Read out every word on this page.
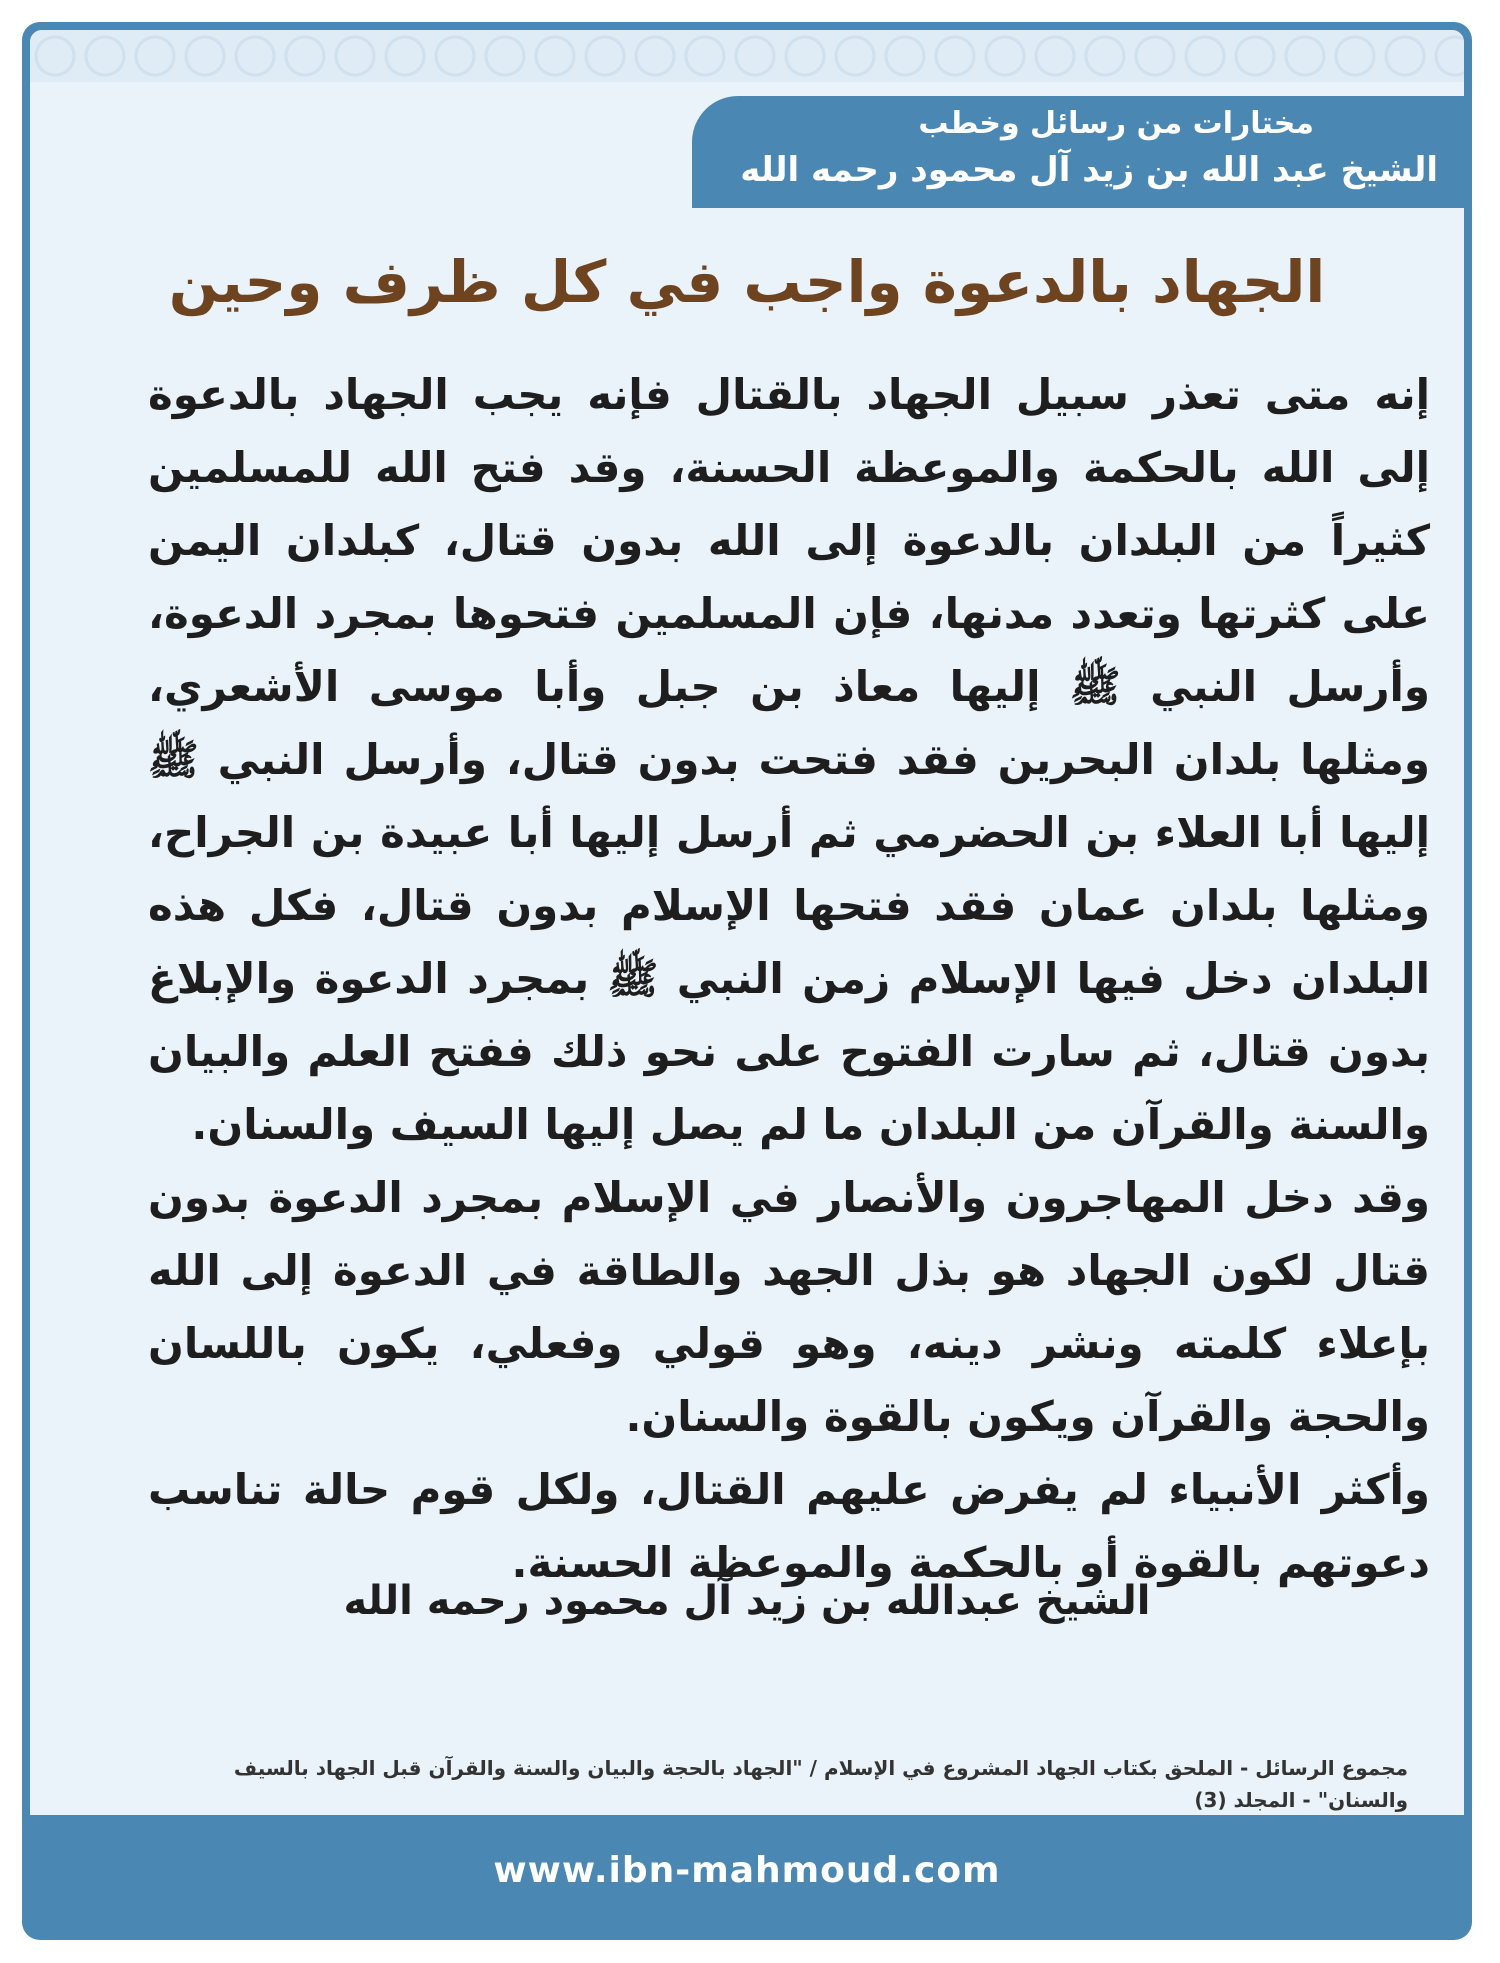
مختارات من رسائل وخطب
الشيخ عبد الله بن زيد آل محمود رحمه الله
الجهاد بالدعوة واجب في كل ظرف وحين

إنه متى تعذر سبيل الجهاد بالقتال فإنه يجب الجهاد بالدعوة إلى الله بالحكمة والموعظة الحسنة، وقد فتح الله للمسلمين كثيراً من البلدان بالدعوة إلى الله بدون قتال، كبلدان اليمن على كثرتها وتعدد مدنها، فإن المسلمين فتحوها بمجرد الدعوة، وأرسل النبي ﷺ إليها معاذ بن جبل وأبا موسى الأشعري، ومثلها بلدان البحرين فقد فتحت بدون قتال، وأرسل النبي ﷺ إليها أبا العلاء بن الحضرمي ثم أرسل إليها أبا عبيدة بن الجراح، ومثلها بلدان عمان فقد فتحها الإسلام بدون قتال، فكل هذه البلدان دخل فيها الإسلام زمن النبي ﷺ بمجرد الدعوة والإبلاغ بدون قتال، ثم سارت الفتوح على نحو ذلك ففتح العلم والبيان والسنة والقرآن من البلدان ما لم يصل إليها السيف والسنان.

وقد دخل المهاجرون والأنصار في الإسلام بمجرد الدعوة بدون قتال لكون الجهاد هو بذل الجهد والطاقة في الدعوة إلى الله بإعلاء كلمته ونشر دينه، وهو قولي وفعلي، يكون باللسان والحجة والقرآن ويكون بالقوة والسنان.

وأكثر الأنبياء لم يفرض عليهم القتال، ولكل قوم حالة تناسب دعوتهم بالقوة أو بالحكمة والموعظة الحسنة.

الشيخ عبدالله بن زيد آل محمود رحمه الله
مجموع الرسائل - الملحق بكتاب الجهاد المشروع في الإسلام / "الجهاد بالحجة والبيان والسنة والقرآن قبل الجهاد بالسيف والسنان" - المجلد (3)
www.ibn-mahmoud.com
